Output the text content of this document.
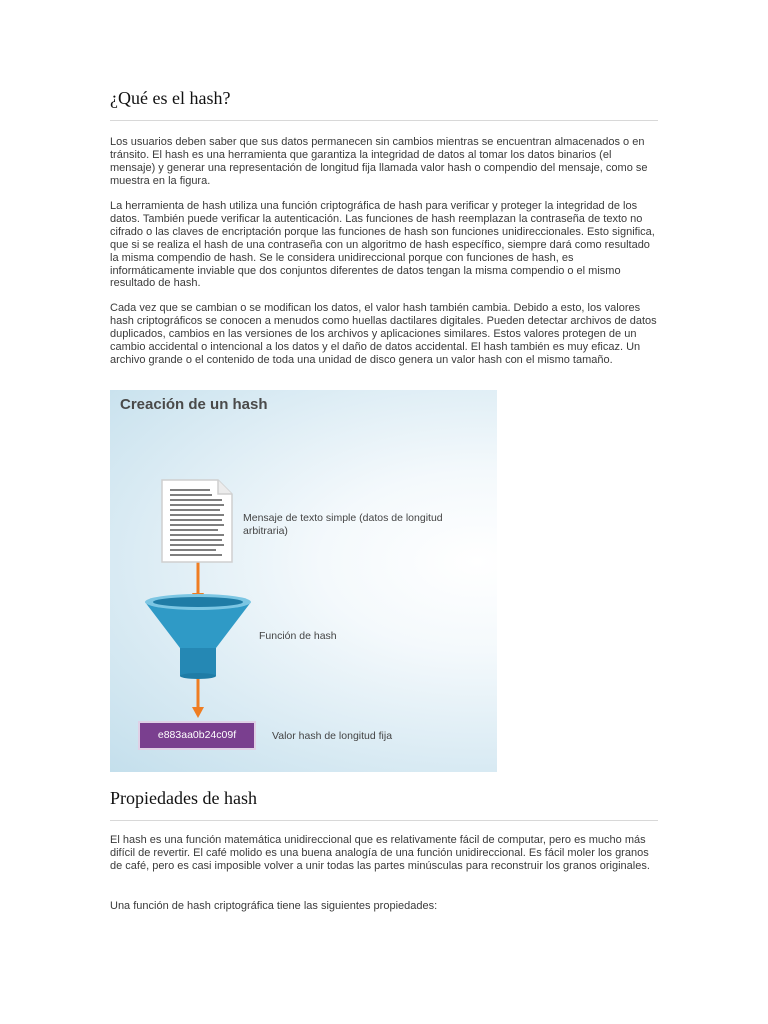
¿Qué es el hash?

Los usuarios deben saber que sus datos permanecen sin cambios mientras se encuentran almacenados o en tránsito. El hash es una herramienta que garantiza la integridad de datos al tomar los datos binarios (el mensaje) y generar una representación de longitud fija llamada valor hash o compendio del mensaje, como se muestra en la figura.

La herramienta de hash utiliza una función criptográfica de hash para verificar y proteger la integridad de los datos. También puede verificar la autenticación. Las funciones de hash reemplazan la contraseña de texto no cifrado o las claves de encriptación porque las funciones de hash son funciones unidireccionales. Esto significa, que si se realiza el hash de una contraseña con un algoritmo de hash específico, siempre dará como resultado la misma compendio de hash. Se le considera unidireccional porque con funciones de hash, es informáticamente inviable que dos conjuntos diferentes de datos tengan la misma compendio o el mismo resultado de hash.

Cada vez que se cambian o se modifican los datos, el valor hash también cambia. Debido a esto, los valores hash criptográficos se conocen a menudos como huellas dactilares digitales. Pueden detectar archivos de datos duplicados, cambios en las versiones de los archivos y aplicaciones similares. Estos valores protegen de un cambio accidental o intencional a los datos y el daño de datos accidental. El hash también es muy eficaz. Un archivo grande o el contenido de toda una unidad de disco genera un valor hash con el mismo tamaño.

Creación de un hash
Mensaje de texto simple (datos de longitud arbitraria)
Función de hash
e883aa0b24c09f	Valor hash de longitud fija
Propiedades de hash

El hash es una función matemática unidireccional que es relativamente fácil de computar, pero es mucho más difícil de revertir. El café molido es una buena analogía de una función unidireccional. Es fácil moler los granos de café, pero es casi imposible volver a unir todas las partes minúsculas para reconstruir los granos originales.

Una función de hash criptográfica tiene las siguientes propiedades:
